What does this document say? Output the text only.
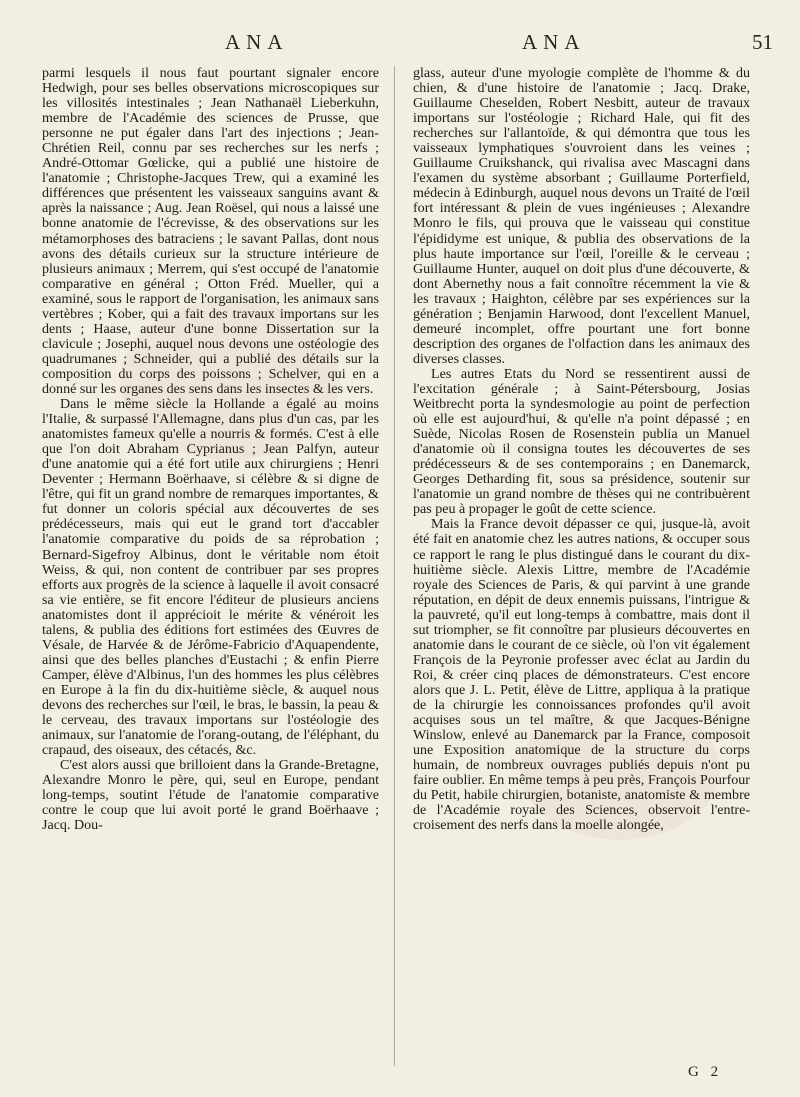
ANA	ANA	51

parmi lesquels il nous faut pourtant signaler encore Hedwigh, pour ses belles observations microscopiques sur les villosités intestinales ; Jean Nathanaël Lieberkuhn, membre de l'Académie des sciences de Prusse, que personne ne put égaler dans l'art des injections ; Jean-Chrétien Reil, connu par ses recherches sur les nerfs ; André-Ottomar Gœlicke, qui a publié une histoire de l'anatomie ; Christophe-Jacques Trew, qui a examiné les différences que présentent les vaisseaux sanguins avant & après la naissance ; Aug. Jean Roësel, qui nous a laissé une bonne anatomie de l'écrevisse, & des observations sur les métamorphoses des batraciens ; le savant Pallas, dont nous avons des détails curieux sur la structure intérieure de plusieurs animaux ; Merrem, qui s'est occupé de l'anatomie comparative en général ; Otton Fréd. Mueller, qui a examiné, sous le rapport de l'organisation, les animaux sans vertèbres ; Kober, qui a fait des travaux importans sur les dents ; Haase, auteur d'une bonne Dissertation sur la clavicule ; Josephi, auquel nous devons une ostéologie des quadrumanes ; Schneider, qui a publié des détails sur la composition du corps des poissons ; Schelver, qui en a donné sur les organes des sens dans les insectes & les vers.

Dans le même siècle la Hollande a égalé au moins l'Italie, & surpassé l'Allemagne, dans plus d'un cas, par les anatomistes fameux qu'elle a nourris & formés. C'est à elle que l'on doit Abraham Cyprianus ; Jean Palfyn, auteur d'une anatomie qui a été fort utile aux chirurgiens ; Henri Deventer ; Hermann Boërhaave, si célèbre & si digne de l'être, qui fit un grand nombre de remarques importantes, & fut donner un coloris spécial aux découvertes de ses prédécesseurs, mais qui eut le grand tort d'accabler l'anatomie comparative du poids de sa réprobation ; Bernard-Sigefroy Albinus, dont le véritable nom étoit Weiss, & qui, non content de contribuer par ses propres efforts aux progrès de la science à laquelle il avoit consacré sa vie entière, se fit encore l'éditeur de plusieurs anciens anatomistes dont il apprécioit le mérite & vénéroit les talens, & publia des éditions fort estimées des Œuvres de Vésale, de Harvée & de Jérôme-Fabricio d'Aquapendente, ainsi que des belles planches d'Eustachi ; & enfin Pierre Camper, élève d'Albinus, l'un des hommes les plus célèbres en Europe à la fin du dix-huitième siècle, & auquel nous devons des recherches sur l'œil, le bras, le bassin, la peau & le cerveau, des travaux importans sur l'ostéologie des animaux, sur l'anatomie de l'orang-outang, de l'éléphant, du crapaud, des oiseaux, des cétacés, &c.

C'est alors aussi que brilloient dans la Grande-Bretagne, Alexandre Monro le père, qui, seul en Europe, pendant long-temps, soutint l'étude de l'anatomie comparative contre le coup que lui avoit porté le grand Boërhaave ; Jacq. Dou-

glass, auteur d'une myologie complète de l'homme & du chien, & d'une histoire de l'anatomie ; Jacq. Drake, Guillaume Cheselden, Robert Nesbitt, auteur de travaux importans sur l'ostéologie ; Richard Hale, qui fit des recherches sur l'allantoïde, & qui démontra que tous les vaisseaux lymphatiques s'ouvroient dans les veines ; Guillaume Cruikshanck, qui rivalisa avec Mascagni dans l'examen du système absorbant ; Guillaume Porterfield, médecin à Edinburgh, auquel nous devons un Traité de l'œil fort intéressant & plein de vues ingénieuses ; Alexandre Monro le fils, qui prouva que le vaisseau qui constitue l'épididyme est unique, & publia des observations de la plus haute importance sur l'œil, l'oreille & le cerveau ; Guillaume Hunter, auquel on doit plus d'une découverte, & dont Abernethy nous a fait connoître récemment la vie & les travaux ; Haighton, célèbre par ses expériences sur la génération ; Benjamin Harwood, dont l'excellent Manuel, demeuré incomplet, offre pourtant une fort bonne description des organes de l'olfaction dans les animaux des diverses classes.

Les autres Etats du Nord se ressentirent aussi de l'excitation générale ; à Saint-Pétersbourg, Josias Weitbrecht porta la syndesmologie au point de perfection où elle est aujourd'hui, & qu'elle n'a point dépassé ; en Suède, Nicolas Rosen de Rosenstein publia un Manuel d'anatomie où il consigna toutes les découvertes de ses prédécesseurs & de ses contemporains ; en Danemarck, Georges Detharding fit, sous sa présidence, soutenir sur l'anatomie un grand nombre de thèses qui ne contribuèrent pas peu à propager le goût de cette science.

Mais la France devoit dépasser ce qui, jusque-là, avoit été fait en anatomie chez les autres nations, & occuper sous ce rapport le rang le plus distingué dans le courant du dix-huitième siècle. Alexis Littre, membre de l'Académie royale des Sciences de Paris, & qui parvint à une grande réputation, en dépit de deux ennemis puissans, l'intrigue & la pauvreté, qu'il eut long-temps à combattre, mais dont il sut triompher, se fit connoître par plusieurs découvertes en anatomie dans le courant de ce siècle, où l'on vit également François de la Peyronie professer avec éclat au Jardin du Roi, & créer cinq places de démonstrateurs. C'est encore alors que J. L. Petit, élève de Littre, appliqua à la pratique de la chirurgie les connoissances profondes qu'il avoit acquises sous un tel maître, & que Jacques-Bénigne Winslow, enlevé au Danemarck par la France, composoit une Exposition anatomique de la structure du corps humain, de nombreux ouvrages publiés depuis n'ont pu faire oublier. En même temps à peu près, François Pourfour du Petit, habile chirurgien, botaniste, anatomiste & membre de l'Académie royale des Sciences, observoit l'entre-croisement des nerfs dans la moelle alongée,

G 2
